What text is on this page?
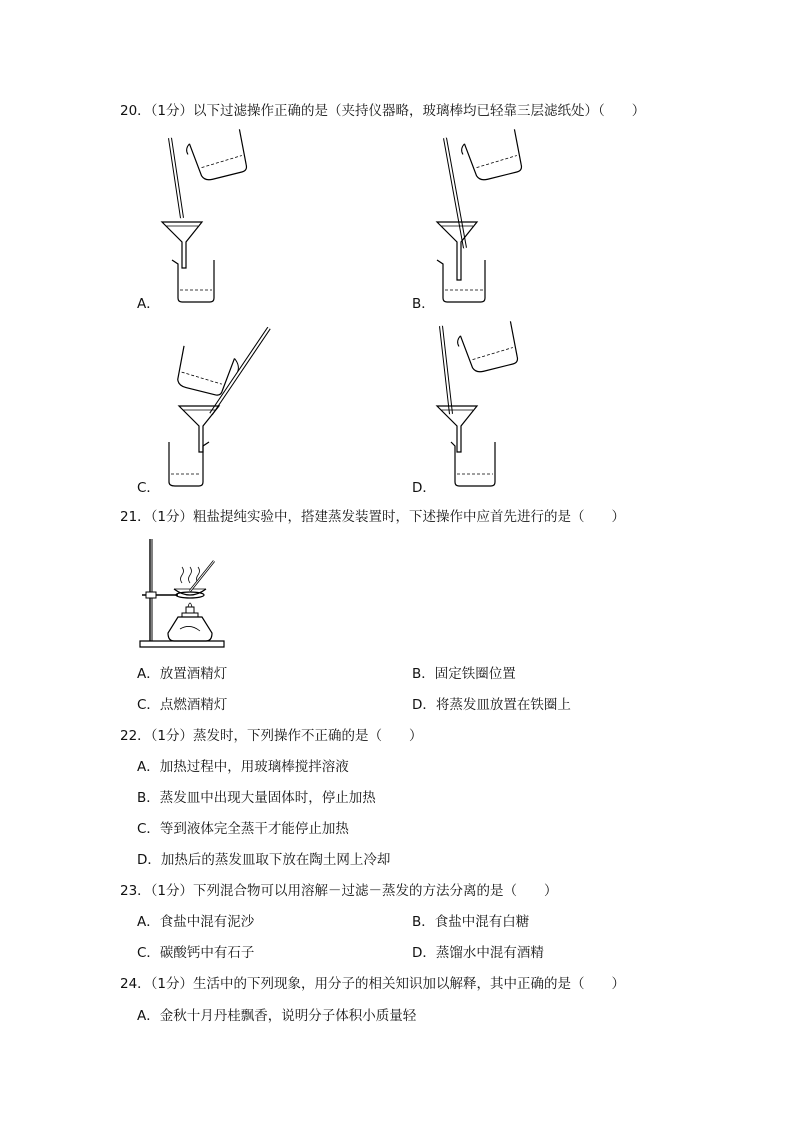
20．（1分）以下过滤操作正确的是（夹持仪器略，玻璃棒均已轻靠三层滤纸处）（　　）
A．	B．
C．	D．
21．（1分）粗盐提纯实验中，搭建蒸发装置时，下述操作中应首先进行的是（　　）
A．放置酒精灯	B．固定铁圈位置
C．点燃酒精灯	D．将蒸发皿放置在铁圈上
22．（1分）蒸发时，下列操作不正确的是（　　）
A．加热过程中，用玻璃棒搅拌溶液
B．蒸发皿中出现大量固体时，停止加热
C．等到液体完全蒸干才能停止加热
D．加热后的蒸发皿取下放在陶土网上冷却
23．（1分）下列混合物可以用溶解－过滤－蒸发的方法分离的是（　　）
A．食盐中混有泥沙	B．食盐中混有白糖
C．碳酸钙中有石子	D．蒸馏水中混有酒精
24．（1分）生活中的下列现象，用分子的相关知识加以解释，其中正确的是（　　）
A．金秋十月丹桂飘香，说明分子体积小质量轻
